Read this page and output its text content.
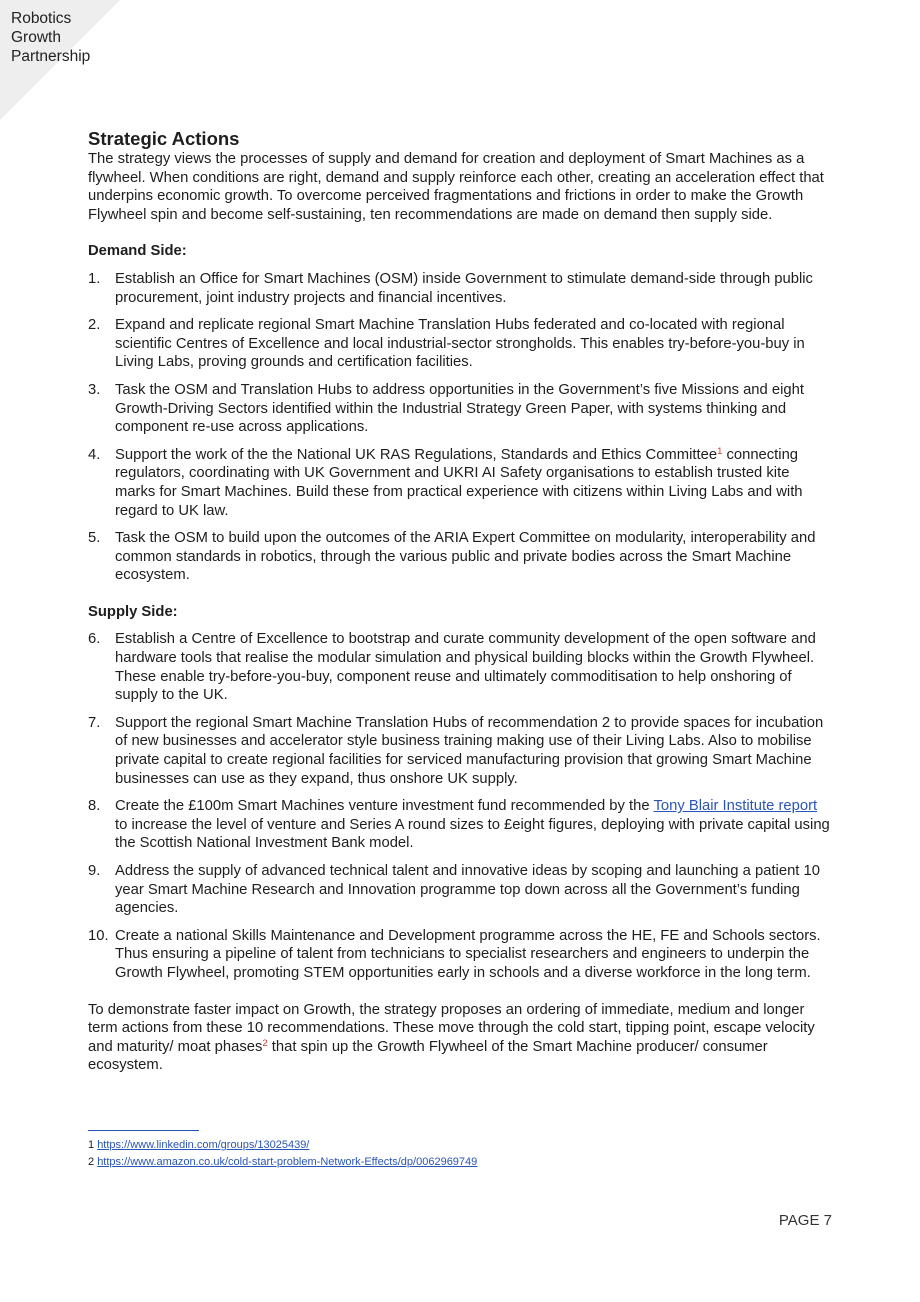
Robotics
Growth
Partnership
Strategic Actions

The strategy views the processes of supply and demand for creation and deployment of Smart Machines as a flywheel. When conditions are right, demand and supply reinforce each other, creating an acceleration effect that underpins economic growth. To overcome perceived fragmentations and frictions in order to make the Growth Flywheel spin and become self-sustaining, ten recommendations are made on demand then supply side.

Demand Side:
1. Establish an Office for Smart Machines (OSM) inside Government to stimulate demand-side through public procurement, joint industry projects and financial incentives.
2. Expand and replicate regional Smart Machine Translation Hubs federated and co-located with regional scientific Centres of Excellence and local industrial-sector strongholds. This enables try-before-you-buy in Living Labs, proving grounds and certification facilities.
3. Task the OSM and Translation Hubs to address opportunities in the Government’s five Missions and eight Growth-Driving Sectors identified within the Industrial Strategy Green Paper, with systems thinking and component re-use across applications.
4. Support the work of the the National UK RAS Regulations, Standards and Ethics Committee$^1$ connecting regulators, coordinating with UK Government and UKRI AI Safety organisations to establish trusted kite marks for Smart Machines. Build these from practical experience with citizens within Living Labs and with regard to UK law.
5. Task the OSM to build upon the outcomes of the ARIA Expert Committee on modularity, interoperability and common standards in robotics, through the various public and private bodies across the Smart Machine ecosystem.
Supply Side:
6. Establish a Centre of Excellence to bootstrap and curate community development of the open software and hardware tools that realise the modular simulation and physical building blocks within the Growth Flywheel. These enable try-before-you-buy, component reuse and ultimately commoditisation to help onshoring of supply to the UK.
7. Support the regional Smart Machine Translation Hubs of recommendation 2 to provide spaces for incubation of new businesses and accelerator style business training making use of their Living Labs. Also to mobilise private capital to create regional facilities for serviced manufacturing provision that growing Smart Machine businesses can use as they expand, thus onshore UK supply.
8. Create the £100m Smart Machines venture investment fund recommended by the Tony Blair Institute report to increase the level of venture and Series A round sizes to £eight figures, deploying with private capital using the Scottish National Investment Bank model.
9. Address the supply of advanced technical talent and innovative ideas by scoping and launching a patient 10 year Smart Machine Research and Innovation programme top down across all the Government’s funding agencies.
10. Create a national Skills Maintenance and Development programme across the HE, FE and Schools sectors. Thus ensuring a pipeline of talent from technicians to specialist researchers and engineers to underpin the Growth Flywheel, promoting STEM opportunities early in schools and a diverse workforce in the long term.

To demonstrate faster impact on Growth, the strategy proposes an ordering of immediate, medium and longer term actions from these 10 recommendations. These move through the cold start, tipping point, escape velocity and maturity/ moat phases$^2$ that spin up the Growth Flywheel of the Smart Machine producer/ consumer ecosystem.

1 https://www.linkedin.com/groups/13025439/
2 https://www.amazon.co.uk/cold-start-problem-Network-Effects/dp/0062969749
PAGE 7
